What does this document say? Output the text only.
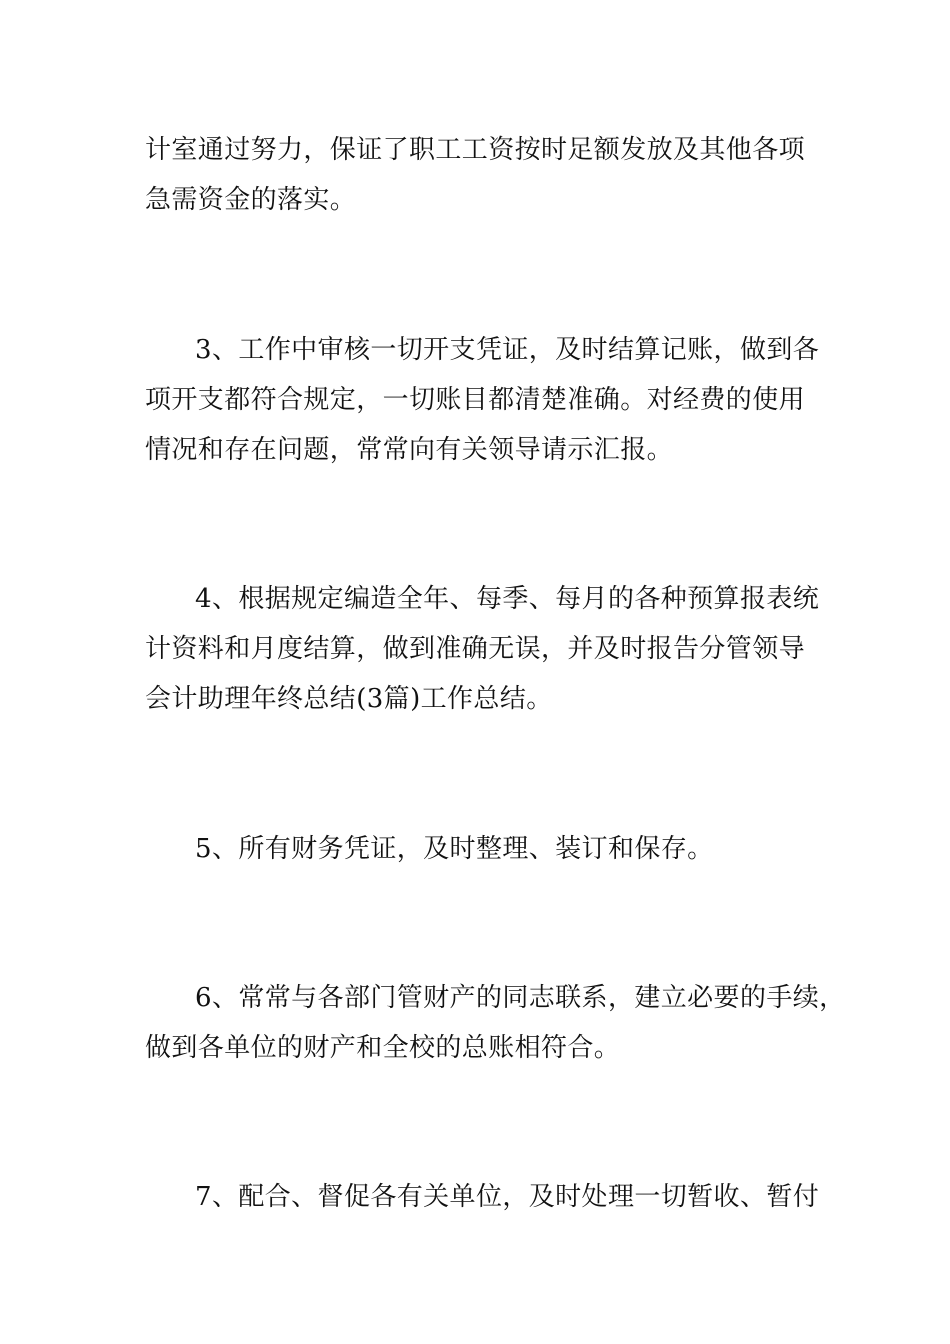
计室通过努力，保证了职工工资按时足额发放及其他各项
急需资金的落实。
3、工作中审核一切开支凭证，及时结算记账，做到各
项开支都符合规定，一切账目都清楚准确。对经费的使用
情况和存在问题，常常向有关领导请示汇报。
4、根据规定编造全年、每季、每月的各种预算报表统
计资料和月度结算，做到准确无误，并及时报告分管领导
会计助理年终总结(3篇)工作总结。
5、所有财务凭证，及时整理、装订和保存。
6、常常与各部门管财产的同志联系，建立必要的手续，
做到各单位的财产和全校的总账相符合。
7、配合、督促各有关单位，及时处理一切暂收、暂付
